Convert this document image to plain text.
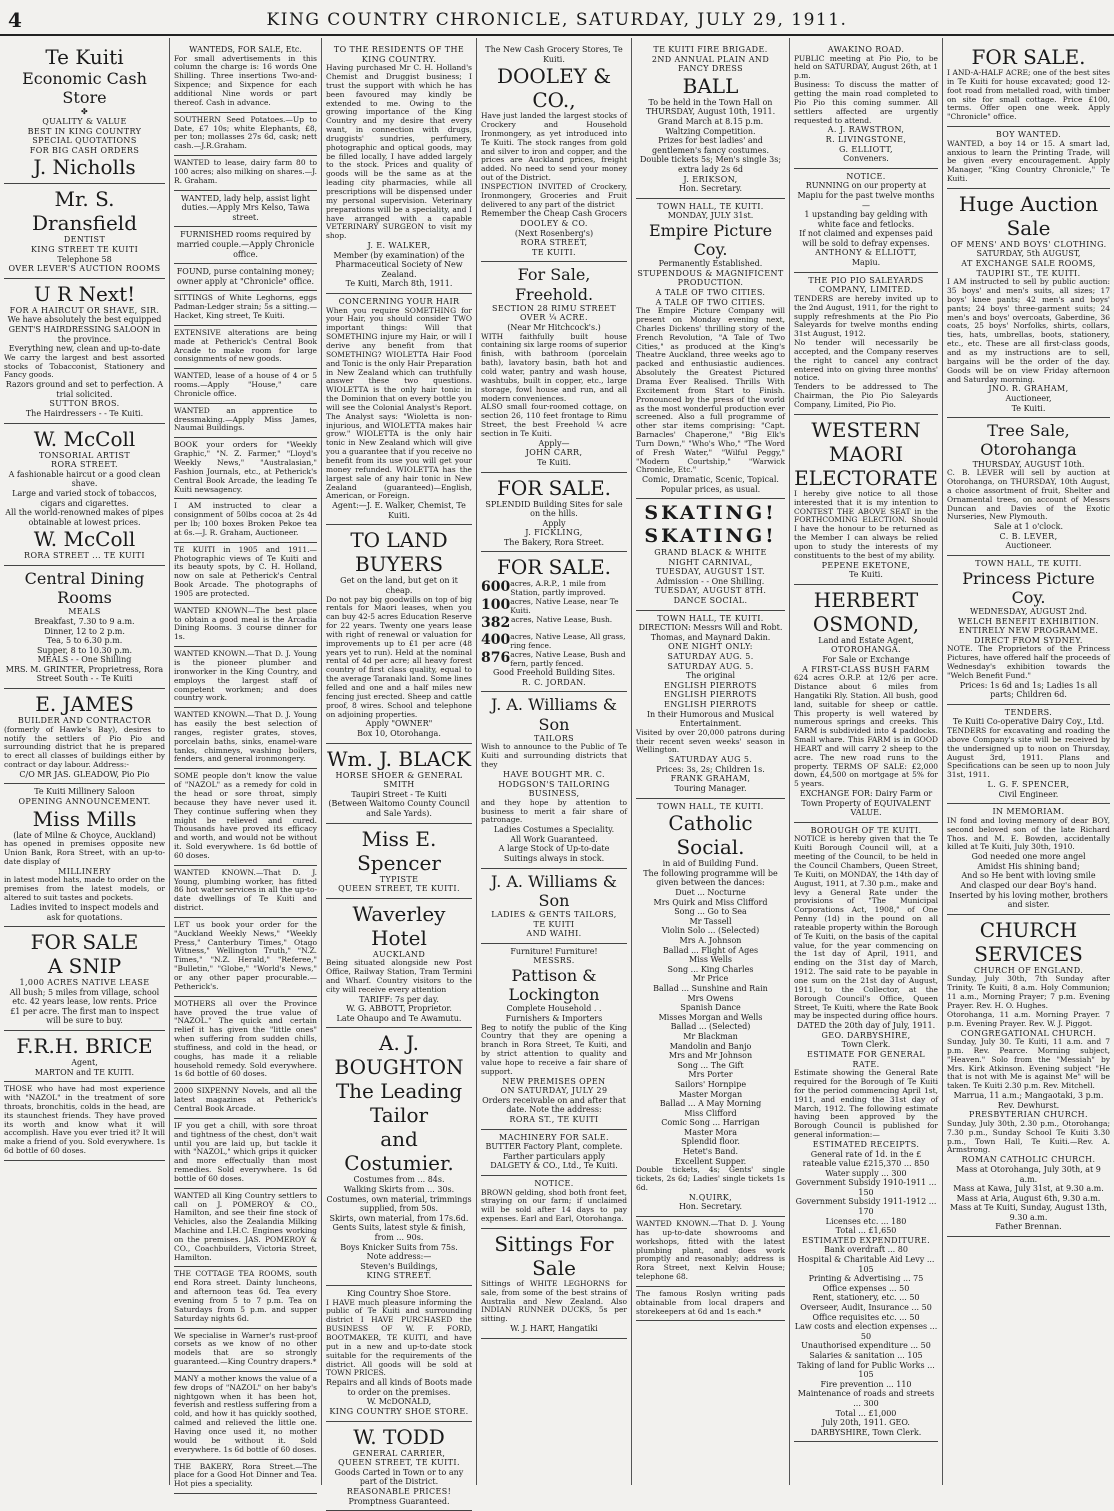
4	KING COUNTRY CHRONICLE, SATURDAY, JULY 29, 1911.
Te Kuiti
Economic Cash Store
✤
QUALITY & VALUE
BEST IN KING COUNTRY
SPECIAL QUOTATIONS
FOR BIG CASH ORDERS
J. Nicholls
Mr. S. Dransfield
DENTIST
KING STREET TE KUITI
Telephone 58
OVER LEVER'S AUCTION ROOMS
U R Next!
FOR A HAIRCUT OR SHAVE, SIR.
We have absolutely the best equipped
GENT'S HAIRDRESSING SALOON in the province.
Everything new, clean and up-to-date
We carry the largest and best assorted stocks of Tobacconist, Stationery and Fancy goods.
Razors ground and set to perfection. A trial solicited.
SUTTON BROS.
The Hairdressers - - Te Kuiti.
W. McColl
TONSORIAL ARTIST
RORA STREET.
A fashionable haircut or a good clean shave.
Large and varied stock of tobaccos, cigars and cigarettes.
All the world-renowned makes of pipes obtainable at lowest prices.
W. McColl
RORA STREET ... TE KUITI
Central Dining Rooms
MEALS
Breakfast, 7.30 to 9 a.m.
Dinner, 12 to 2 p.m.
Tea, 5 to 6.30 p.m.
Supper, 8 to 10.30 p.m.
MEALS - - One Shilling
MRS. M. GRINTER, Proprietress, Rora Street South - - Te Kuiti
E. JAMES
BUILDER AND CONTRACTOR
(formerly of Hawke's Bay), desires to notify the settlers of Pio Pio and surrounding district that he is prepared to erect all classes of buildings either by contract or day labour. Address:-
C/O MR JAS. GLEADOW, Pio Pio
Te Kuiti Millinery Saloon
OPENING ANNOUNCEMENT.
Miss Mills
(late of Milne & Choyce, Auckland)
has opened in premises opposite new Union Bank, Rora Street, with an up-to-date display of
MILLINERY
in latest model hats, made to order on the premises from the latest models, or altered to suit tastes and pockets.
Ladies invited to inspect models and ask for quotations.
FOR SALE
A SNIP
1,000 ACRES NATIVE LEASE
All bush; 5 miles from village, school
etc. 42 years lease, low rents. Price
£1 per acre. The first man to inspect
will be sure to buy.
F.R.H. BRICE
Agent,
MARTON and TE KUITI.
THOSE who have had most experience with "NAZOL" in the treatment of sore throats, bronchitis, colds in the head, are its staunchest friends. They have proved its worth and know what it will accomplish. Have you ever tried it? It will make a friend of you. Sold everywhere. 1s 6d bottle of 60 doses.
WANTEDS, FOR SALE, Etc.
For small advertisements in this column the charge is: 16 words One Shilling. Three insertions Two-and-Sixpence; and Sixpence for each additional Nine words or part thereof. Cash in advance.
SOUTHERN Seed Potatoes.—Up to Date, £7 10s; white Elephants, £8, per ton; mollasses 27s 6d, cask; nett cash.—J.R.Graham.
WANTED to lease, dairy farm 80 to 100 acres; also milking on shares.—J. R. Graham.
WANTED, lady help, assist light duties.—Apply Mrs Kelso, Tawa street.
FURNISHED rooms required by married couple.—Apply Chronicle office.
FOUND, purse containing money; owner apply at "Chronicle" office.
SITTINGS of White Leghorns, eggs Padman-Ledger strain; 5s a sitting.—Hacket, King street, Te Kuiti.
EXTENSIVE alterations are being made at Petherick's Central Book Arcade to make room for large consignments of new goods.
WANTED, lease of a house of 4 or 5 rooms.—Apply "House," care Chronicle office.
WANTED an apprentice to dressmaking.—Apply Miss James, Naumai Buildings.
BOOK your orders for "Weekly Graphic," "N. Z. Farmer," "Lloyd's Weekly News," "Australasian," Fashion Journals, etc., at Petherick's Central Book Arcade, the leading Te Kuiti newsagency.
I AM instructed to clear a consignment of 50lbs cocoa at 2s 4d per lb; 100 boxes Broken Pekoe tea at 6s.—J. R. Graham, Auctioneer.
TE KUITI in 1905 and 1911.—Photographic views of Te Kuiti and its beauty spots, by C. H. Holland, now on sale at Petherick's Central Book Arcade. The photographs of 1905 are protected.
WANTED KNOWN—The best place to obtain a good meal is the Arcadia Dining Rooms. 3 course dinner for 1s.
WANTED KNOWN.—That D. J. Young is the pioneer plumber and ironworker in the King Country, and employs the largest staff of competent workmen; and does country work.
WANTED KNOWN.—That D. J. Young has easily the best selection of ranges, register grates, stoves, porcelain baths, sinks, enamel-ware tanks, chimneys, washing boilers, fenders, and general ironmongery.
SOME people don't know the value of "NAZOL" as a remedy for cold in the head or sore throat, simply because they have never used it. They continue suffering when they might be relieved and cured. Thousands have proved its efficacy and worth, and would not be without it. Sold everywhere. 1s 6d bottle of 60 doses.
WANTED KNOWN.—That D. J. Young, plumbing worker, has fitted 86 hot water services in all the up-to-date dwellings of Te Kuiti and district.
LET us book your order for the "Auckland Weekly News," "Weekly Press," Canterbury Times," Otago Witness," Wellington Truth," "N.Z. Times," "N.Z. Herald," "Referee," "Bulletin," "Globe," "World's News," or any other paper procurable.—Petherick's.
MOTHERS all over the Province have proved the true value of "NAZOL." The quick and certain relief it has given the "little ones" when suffering from sudden chills, stuffiness, and cold in the head, or coughs, has made it a reliable household remedy. Sold everywhere. 1s 6d bottle of 60 doses.
2000 SIXPENNY Novels, and all the latest magazines at Petherick's Central Book Arcade.
IF you get a chill, with sore throat and tightness of the chest, don't wait until you are laid up, but tackle it with "NAZOL," which grips it quicker and more effectually than most remedies. Sold everywhere. 1s 6d bottle of 60 doses.
WANTED all King Country settlers to call on J. POMEROY & CO., Hamilton, and see their fine stock of Vehicles, also the Zealandia Milking Machine and I.H.C. Engines working on the premises. JAS. POMEROY & CO., Coachbuilders, Victoria Street, Hamilton.
THE COTTAGE TEA ROOMS, south end Rora street. Dainty luncheons, and afternoon teas 6d. Tea every evening from 5 to 7 p.m. Tea on Saturdays from 5 p.m. and supper Saturday nights 6d.
We specialise in Warner's rust-proof corsets as we know of no other models that are so strongly guaranteed.—King Country drapers.*
MANY a mother knows the value of a few drops of "NAZOL" on her baby's nightgown when it has been hot, feverish and restless suffering from a cold, and how it has quickly soothed, calmed and relieved the little one. Having once used it, no mother would be without it. Sold everywhere. 1s 6d bottle of 60 doses.
THE BAKERY, Rora Street.—The place for a Good Hot Dinner and Tea. Hot pies a speciality.
TO THE RESIDENTS OF THE KING COUNTRY.
Having purchased Mr C. H. Holland's Chemist and Druggist business; I trust the support with which he has been favoured may kindly be extended to me. Owing to the growing importance of the King Country and my desire that every want, in connection with drugs, druggists' sundries, perfumery, photographic and optical goods, may be filled locally, I have added largely to the stock. Prices and quality of goods will be the same as at the leading city pharmacies, while all prescriptions will be dispensed under my personal supervision. Veterinary preparations will be a speciality, and I have arranged with a capable VETERINARY SURGEON to visit my shop.
J. E. WALKER,
Member (by examination) of the Pharmaceutical Society of New Zealand.
Te Kuiti, March 8th, 1911.
CONCERNING YOUR HAIR
When you require SOMETHING for your Hair, you should consider TWO important things: Will that SOMETHING injure my Hair, or will I derive any benefit from that SOMETHING? WIOLETTA Hair Food and Tonic is the only Hair Preparation in New Zealand which can truthfully answer these two questions. WIOLETTA is the only hair tonic in the Dominion that on every bottle you will see the Colonial Analyst's Report. The Analyst says: "Wioletta is non-injurious, and WIOLETTA makes hair grow." WIOLETTA is the only hair tonic in New Zealand which will give you a guarantee that if you receive no benefit from its use you will get your money refunded. WIOLETTA has the largest sale of any hair tonic in New Zealand (guaranteed)—English, American, or Foreign.
Agent:—J. E. Walker, Chemist, Te Kuiti.
TO LAND BUYERS
Get on the land, but get on it cheap.
Do not pay big goodwills on top of big rentals for Maori leases, when you can buy 42-5 acres Education Reserve for 22 years. Twenty one years lease with right of renewal or valuation for improvements up to £1 per acre (48 years yet to run). Held at the nominal rental of 4d per acre; all heavy forest country of first class quality, equal to the average Taranaki land. Some lines felled and one and a half miles new fencing just erected. Sheep and cattle proof, 8 wires. School and telephone on adjoining properties.
Apply "OWNER"
Box 10, Otorohanga.
Wm. J. BLACK
HORSE SHOER & GENERAL SMITH
Taupiri Street - Te Kuiti
(Between Waitomo County Council and Sale Yards).
Miss E. Spencer
TYPISTE
QUEEN STREET, TE KUITI.
Waverley Hotel
AUCKLAND
Being situated alongside new Post Office, Railway Station, Tram Termini and Wharf. Country visitors to the city will receive every attention
TARIFF: 7s per day.
W. G. ABBOTT, Proprietor.
Late Ohaupo and Te Awamutu.
A. J. BOUGHTON
The Leading Tailor
and Costumier.
Costumes from ... 84s.
Walking Skirts from ... 30s.
Costumes, own material, trimmings supplied, from 50s.
Skirts, own material, from 17s.6d.
Gents Suits, latest style & finish, from ... 90s.
Boys Knicker Suits from 75s.
Note address:—
Steven's Buildings,
KING STREET.
King Country Shoe Store.
I HAVE much pleasure informing the public of Te Kuiti and surrounding district I HAVE PURCHASED the BUSINESS OF W. F. FORD, BOOTMAKER, TE KUITI, and have put in a new and up-to-date stock suitable for the requirements of the district. All goods will be sold at TOWN PRICES.
Repairs and all kinds of Boots made to order on the premises.
W. McDONALD,
KING COUNTRY SHOE STORE.
W. TODD
GENERAL CARRIER,
QUEEN STREET, TE KUITI.
Goods Carted in Town or to any part of the District.
REASONABLE PRICES!
Promptness Guaranteed.
The New Cash Grocery Stores, Te Kuiti.
DOOLEY & CO.,
Have just landed the largest stocks of Crockery and Household Ironmongery, as yet introduced into Te Kuiti. The stock ranges from gold and silver to iron and copper, and the prices are Auckland prices, freight added. No need to send your money out of the District.
INSPECTION INVITED of Crockery, Ironmongery, Groceries and Fruit delivered to any part of the district
Remember the Cheap Cash Grocers
DOOLEY & CO.
(Next Rosenberg's)
RORA STREET,
TE KUITI.
For Sale, Freehold.
SECTION 28 RIMU STREET
OVER ¼ ACRE.
(Near Mr Hitchcock's.)
WITH faithfully built house containing six large rooms of superior finish, with bathroom (porcelain bath), lavatory basin, bath hot and cold water, pantry and wash house, washtubs, built in copper, etc., large storage, fowl house and run, and all modern conveniences.
ALSO small four-roomed cottage, on section 26, 110 feet frontage to Rimu Street, the best Freehold ¼ acre section in Te Kuiti.
Apply—
JOHN CARR,
Te Kuiti.
FOR SALE.
SPLENDID Building Sites for sale on the hills.
Apply
J. FICKLING,
The Bakery, Rora Street.
FOR SALE.
600 acres, A.R.P., 1 mile from Station, partly improved.
100 acres, Native Lease, near Te Kuiti.
382 acres, Native Lease, Bush.
400 acres, Native Lease, All grass, ring fence.
876 acres, Native Lease, Bush and fern, partly fenced.
Good Freehold Building Sites.
R. C. JORDAN.
J. A. Williams & Son
TAILORS
Wish to announce to the Public of Te Kuiti and surrounding districts that they
HAVE BOUGHT MR. C. HODGSON'S TAILORING BUSINESS,
and they hope by attention to business to merit a fair share of patronage.
Ladies Costumes a Speciality.
All Work Guaranteed.
A large Stock of Up-to-date Suitings always in stock.
J. A. Williams & Son
LADIES & GENTS TAILORS,
TE KUITI
AND WAIHI.
Furniture! Furniture!
MESSRS.
Pattison & Lockington
Complete Household . .
Furnishers & Importers
Beg to notify the public of the King Country that they are opening a branch in Rora Street, Te Kuiti, and by strict attention to quality and value hope to receive a fair share of support.
NEW PREMISES OPEN
ON SATURDAY, JULY 29
Orders receivable on and after that date. Note the address:
RORA ST., TE KUITI
MACHINERY FOR SALE.
BUTTER Factory Plant, complete. Farther particulars apply
DALGETY & CO., Ltd., Te Kuiti.
NOTICE.
BROWN gelding, shod both front feet, straying on our farm; if unclaimed will be sold after 14 days to pay expenses. Earl and Earl, Otorohanga.
Sittings For Sale
Sittings of WHITE LEGHORNS for sale, from some of the best strains of Australia and New Zealand. Also INDIAN RUNNER DUCKS, 5s per sitting.
W. J. HART, Hangatiki
TE KUITI FIRE BRIGADE.
2ND ANNUAL PLAIN AND FANCY DRESS
BALL
To be held in the Town Hall on THURSDAY, August 10th, 1911.
Grand March at 8.15 p.m.
Waltzing Competition.
Prizes for best ladies' and gentlemen's fancy costumes.
Double tickets 5s; Men's single 3s; extra lady 2s 6d
J. ERIKSON,
Hon. Secretary.
TOWN HALL, TE KUITI.
MONDAY, JULY 31st.
Empire Picture Coy.
Permanently Established.
STUPENDOUS & MAGNIFICENT PRODUCTION.
A TALE OF TWO CITIES.
A TALE OF TWO CITIES.
The Empire Picture Company will present on Monday evening next, Charles Dickens' thrilling story of the French Revolution, "A Tale of Two Cities," as produced at the King's Theatre Auckland, three weeks ago to packed and enthusiastic audiences. Absolutely the Greatest Pictured Drama Ever Realised. Thrills With Excitement from Start to Finish. Pronounced by the press of the world as the most wonderful production ever screened. Also a full programme of other star items comprising: "Capt. Barnacles' Chaperone," "Big Elk's Turn Down," "Who's Who," "The Word of Fresh Water," "Wilful Peggy," "Modern Courtship," "Warwick Chronicle, Etc."
Comic, Dramatic, Scenic, Topical. Popular prices, as usual.
SKATING!
SKATING!
GRAND BLACK & WHITE
NIGHT CARNIVAL,
TUESDAY, AUGUST 1ST.
Admission - - One Shilling.
TUESDAY, AUGUST 8TH.
DANCE SOCIAL.
TOWN HALL, TE KUITI.
DIRECTION: Messrs Will and Robt. Thomas, and Maynard Dakin.
ONE NIGHT ONLY:
SATURDAY AUG. 5.
SATURDAY AUG. 5.
The original
ENGLISH PIERROTS
ENGLISH PIERROTS
ENGLISH PIERROTS
In their Humorous and Musical Entertainment.
Visited by over 20,000 patrons during their recent seven weeks' season in Wellington.
SATURDAY AUG 5.
Prices: 3s, 2s; Children 1s.
FRANK GRAHAM,
Touring Manager.
TOWN HALL, TE KUITI.
Catholic Social.
in aid of Building Fund.
The following programme will be given between the dances:
Duet ... Nocturne
Mrs Quirk and Miss Clifford
Song ... Go to Sea
Mr Tassell
Violin Solo ... (Selected)
Mrs A. Johnson
Ballad ... Flight of Ages
Miss Wells
Song ... King Charles
Mr Price
Ballad ... Sunshine and Rain
Mrs Owens
Spanish Dance
Misses Morgan and Wells
Ballad ... (Selected)
Mr Blackman
Mandolin and Banjo
Mrs and Mr Johnson
Song ... The Gift
Mrs Porter
Sailors' Hornpipe
Master Morgan
Ballad ... A May Morning
Miss Clifford
Comic Song ... Harrigan
Master Mora
Splendid floor.
Hetet's Band.
Excellent Supper.
Double tickets, 4s; Gents' single tickets, 2s 6d; Ladies' single tickets 1s 6d.
N.QUIRK,
Hon. Secretary.
WANTED KNOWN.—That D. J. Young has up-to-date showrooms and workshops, fitted with the latest plumbing plant, and does work promptly and reasonably; address is Rora Street, next Kelvin House; telephone 68.
The famous Roslyn writing pads obtainable from local drapers and storekeepers at 6d and 1s each.*
AWAKINO ROAD.
PUBLIC meeting at Pio Pio, to be held on SATURDAY, August 26th, at 1 p.m.
Business: To discuss the matter of getting the main road completed to Pio Pio this coming summer. All settlers affected are urgently requested to attend.
A. J. RAWSTRON,
R. LIVINGSTONE,
G. ELLIOTT,
Conveners.
NOTICE.
RUNNING on our property at Mapiu for the past twelve months—
1 upstanding bay gelding with white face and fetlocks.
If not claimed and expenses paid will be sold to defray expenses.
ANTHONY & ELLIOTT,
Mapiu.
THE PIO PIO SALEYARDS COMPANY, LIMITED.
TENDERS are hereby invited up to the 2nd August, 1911, for the right to supply refreshments at the Pio Pio Saleyards for twelve months ending 31st August, 1912.
No tender will necessarily be accepted, and the Company reserves the right to cancel any contract entered into on giving three months' notice.
Tenders to be addressed to The Chairman, the Pio Pio Saleyards Company, Limited, Pio Pio.
WESTERN MAORI
ELECTORATE
I hereby give notice to all those interested that it is my intention to CONTEST THE ABOVE SEAT in the FORTHCOMING ELECTION. Should I have the honour to be returned as the Member I can always be relied upon to study the interests of my constituents to the best of my ability.
PEPENE EKETONE,
Te Kuiti.
HERBERT OSMOND,
Land and Estate Agent,
OTOROHANGA.
For Sale or Exchange
A FIRST-CLASS BUSH FARM
624 acres O.R.P. at 12/6 per acre. Distance about 6 miles from Hangatiki Rly. Station. All bush, good land, suitable for sheep or cattle. This property is well watered by numerous springs and creeks. This FARM is subdivided into 4 paddocks. Small whare. This FARM is in GOOD HEART and will carry 2 sheep to the acre. The new road runs to the property. TERMS OF SALE: £2,000 down, £4,500 on mortgage at 5% for 5 years.
EXCHANGE FOR: Dairy Farm or Town Property of EQUIVALENT VALUE.
BOROUGH OF TE KUITI.
NOTICE is hereby given that the Te Kuiti Borough Council will, at a meeting of the Council, to be held in the Council Chambers, Queen Street, Te Kuiti, on MONDAY, the 14th day of August, 1911, at 7.30 p.m., make and levy a General Rate under the provisions of "The Municipal Corporations Act, 1908," of One Penny (1d) in the pound on all rateable property within the Borough of Te Kuiti, on the basis of the capital value, for the year commencing on the 1st day of April, 1911, and ending on the 31st day of March, 1912. The said rate to be payable in one sum on the 21st day of August, 1911, to the Collector, at the Borough Council's Office, Queen Street, Te Kuiti, where the Rate Book may be inspected during office hours.
DATED the 20th day of July, 1911.
GEO. DARBYSHIRE,
Town Clerk.
ESTIMATE FOR GENERAL RATE.
Estimate showing the General Rate required for the Borough of Te Kuiti for the period commencing April 1st, 1911, and ending the 31st day of March, 1912. The following estimate having been approved by the Borough Council is published for general information:—
ESTIMATED RECEIPTS.
General rate of 1d. in the £ rateable value £215,370 ... 850
Water supply ... 300
Government Subsidy 1910-1911 ... 150
Government Subsidy 1911-1912 ... 170
Licenses etc. ... 180
Total ... £1,650
ESTIMATED EXPENDITURE.
Bank overdraft ... 80
Hospital & Charitable Aid Levy ... 105
Printing & Advertising ... 75
Office expenses ... 50
Rent, stationery, etc. ... 50
Overseer, Audit, Insurance ... 50
Office requisites etc. ... 50
Law costs and election expenses ... 50
Unauthorised expenditure ... 50
Salaries & sanitation ... 105
Taking of land for Public Works ... 105
Fire prevention ... 110
Maintenance of roads and streets ... 300
Total ... £1,000
July 20th, 1911. GEO. DARBYSHIRE, Town Clerk.
FOR SALE.
I AND-A-HALF ACRE; one of the best sites in Te Kuiti for house excavated; good 12-foot road from metalled road, with timber on site for small cottage. Price £100, terms. Offer open one week. Apply "Chronicle" office.
BOY WANTED.
WANTED, a boy 14 or 15. A smart lad, anxious to learn the Printing Trade, will be given every encouragement. Apply Manager, "King Country Chronicle," Te Kuiti.
Huge Auction Sale
OF MENS' AND BOYS' CLOTHING.
SATURDAY, 5th AUGUST,
AT EXCHANGE SALE ROOMS,
TAUPIRI ST., TE KUITI.
I AM instructed to sell by public auction: 35 boys' and men's suits, all sizes; 17 boys' knee pants; 42 men's and boys' pants; 24 boys' three-garment suits; 24 men's and boys' overcoats, Gaberdine, 36 coats, 25 boys' Norfolks, shirts, collars, ties, hats, umbrellas, boots, stationery, etc., etc. These are all first-class goods, and as my instructions are to sell, bargains will be the order of the day. Goods will be on view Friday afternoon and Saturday morning.
JNO. R. GRAHAM,
Auctioneer,
Te Kuiti.
Tree Sale, Otorohanga
THURSDAY, AUGUST 10th.
C. B. LEVER will sell by auction at Otorohanga, on THURSDAY, 10th August, a choice assortment of fruit, Shelter and Ornamental trees, on account of Messrs Duncan and Davies of the Exotic Nurseries, New Plymouth.
Sale at 1 o'clock.
C. B. LEVER,
Auctioneer.
TOWN HALL, TE KUITI.
Princess Picture Coy.
WEDNESDAY, AUGUST 2nd.
WELCH BENEFIT EXHIBITION.
ENTIRELY NEW PROGRAMME.
DIRECT FROM SYDNEY.
NOTE. The Proprietors of the Princess Pictures, have offered half the proceeds of Wednesday's exhibition towards the "Welch Benefit Fund."
Prices: 1s 6d and 1s; Ladies 1s all parts; Children 6d.
TENDERS.
Te Kuiti Co-operative Dairy Coy., Ltd.
TENDERS for excavating and roading the above Company's site will be received by the undersigned up to noon on Thursday, August 3rd, 1911. Plans and Specifications can be seen up to noon July 31st, 1911.
L. G. F. SPENCER,
Civil Engineer.
IN MEMORIAM.
IN fond and loving memory of dear BOY, second beloved son of the late Richard Thos. and M. E. Bowden, accidentally killed at Te Kuiti, July 30th, 1910.
God needed one more angel
Amidst His shining band;
And so He bent with loving smile
And clasped our dear Boy's hand.
Inserted by his loving mother, brothers and sister.
CHURCH SERVICES
CHURCH OF ENGLAND.
Sunday, July 30th, 7th Sunday after Trinity. Te Kuiti, 8 a.m. Holy Communion; 11 a.m., Morning Prayer; 7 p.m. Evening Prayer. Rev. H. O. Hughes.
Otorohanga, 11 a.m. Morning Prayer. 7 p.m. Evening Prayer. Rev. W. J. Piggot.
CONGREGATIONAL CHURCH.
Sunday, July 30. Te Kuiti, 11 a.m. and 7 p.m. Rev. Pearce. Morning subject, "Heaven." Solo from the "Messiah" by Mrs. Kirk Atkinson. Evening subject "He that is not with Me is against Me" will be taken. Te Kuiti 2.30 p.m. Rev. Mitchell.
Marrua, 11 a.m.; Mangaotaki, 3 p.m. Rev. Dewhurst.
PRESBYTERIAN CHURCH.
Sunday, July 30th, 2.30 p.m., Otorohanga; 7.30 p.m., Sunday School Te Kuiti 3.30 p.m., Town Hall, Te Kuiti.—Rev. A. Armstrong.
ROMAN CATHOLIC CHURCH.
Mass at Otorohanga, July 30th, at 9 a.m.
Mass at Kawa, July 31st, at 9.30 a.m.
Mass at Aria, August 6th, 9.30 a.m.
Mass at Te Kuiti, Sunday, August 13th, 9.30 a.m.
Father Brennan.
